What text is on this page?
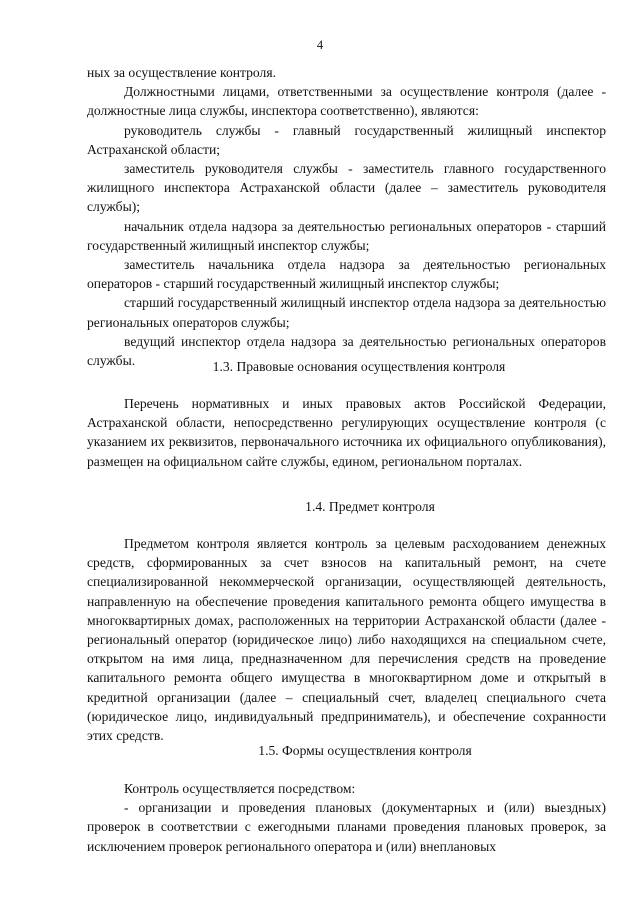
4

ных за осуществление контроля.

Должностными лицами, ответственными за осуществление контроля (далее - должностные лица службы, инспектора соответственно), являются:

руководитель службы - главный государственный жилищный инспектор Астраханской области;

заместитель руководителя службы - заместитель главного государственного жилищного инспектора Астраханской области (далее – заместитель руководителя службы);

начальник отдела надзора за деятельностью региональных операторов - старший государственный жилищный инспектор службы;

заместитель начальника отдела надзора за деятельностью региональных операторов - старший государственный жилищный инспектор службы;

старший государственный жилищный инспектор отдела надзора за деятельностью региональных операторов службы;

ведущий инспектор отдела надзора за деятельностью региональных операторов службы.	1.3. Правовые основания осуществления контроля

Перечень нормативных и иных правовых актов Российской Федерации, Астраханской области, непосредственно регулирующих осуществление контроля (с указанием их реквизитов, первоначального источника их официального опубликования), размещен на официальном сайте службы, едином, региональном порталах.

1.4. Предмет контроля

Предметом контроля является контроль за целевым расходованием денежных средств, сформированных за счет взносов на капитальный ремонт, на счете специализированной некоммерческой организации, осуществляющей деятельность, направленную на обеспечение проведения капитального ремонта общего имущества в многоквартирных домах, расположенных на территории Астраханской области (далее - региональный оператор (юридическое лицо) либо находящихся на специальном счете, открытом на имя лица, предназначенном для перечисления средств на проведение капитального ремонта общего имущества в многоквартирном доме и открытый в кредитной организации (далее – специальный счет, владелец специального счета (юридическое лицо, индивидуальный предприниматель), и обеспечение сохранности этих средств.

1.5. Формы осуществления контроля

Контроль осуществляется посредством:

- организации и проведения плановых (документарных и (или) выездных) проверок в соответствии с ежегодными планами проведения плановых проверок, за исключением проверок регионального оператора и (или) внеплановых
